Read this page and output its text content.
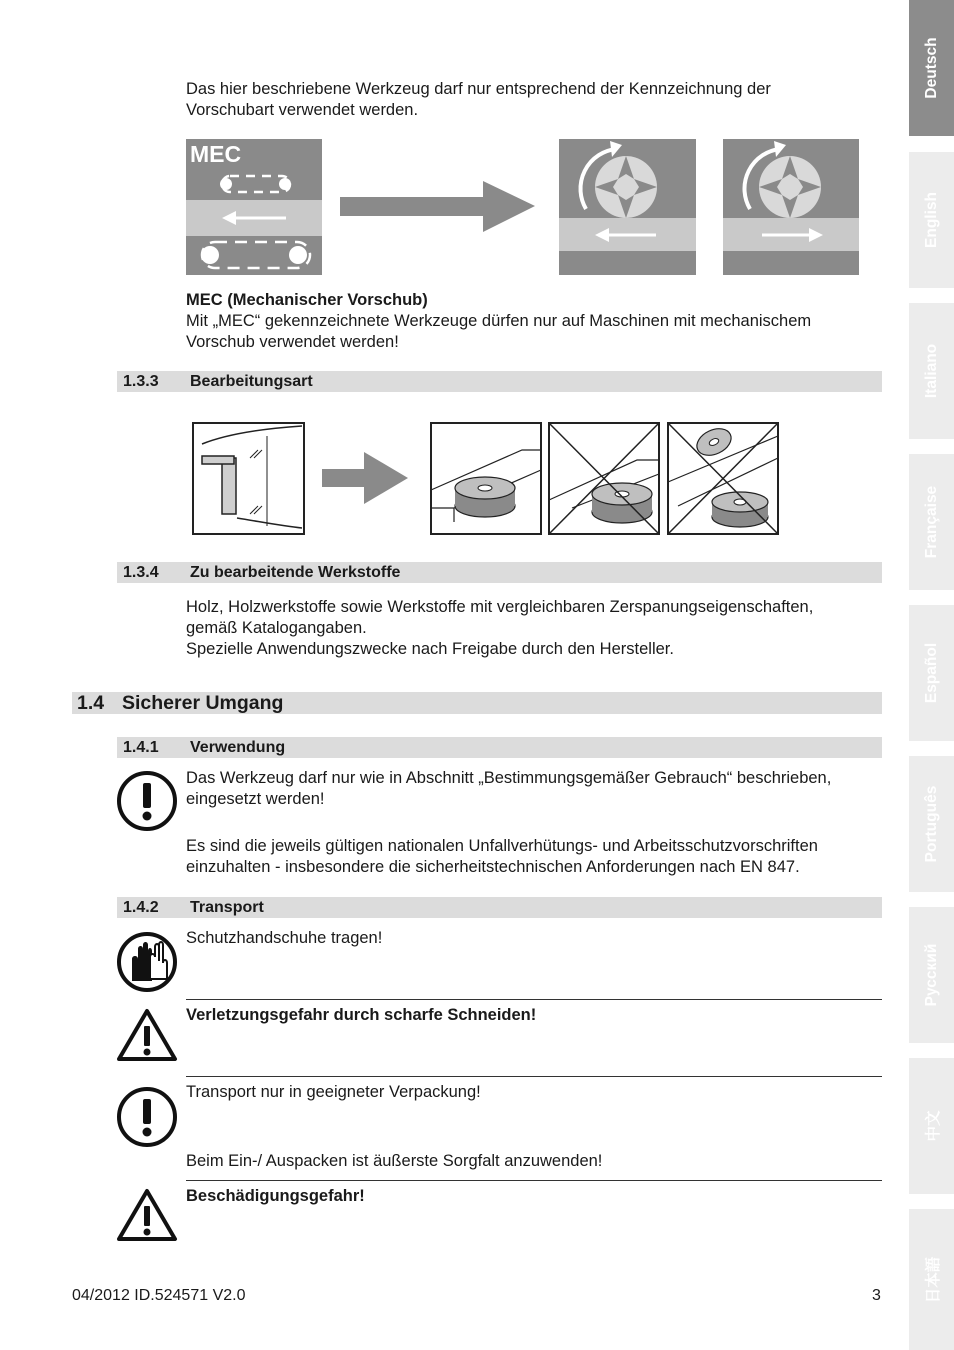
Das hier beschriebene Werkzeug darf nur entsprechend der Kennzeichnung der
Vorschubart verwendet werden.
MEC
MEC (Mechanischer Vorschub)
Mit „MEC“ gekennzeichnete Werkzeuge dürfen nur auf Maschinen mit mechanischem
Vorschub verwendet werden!
1.3.3 Bearbeitungsart
1.3.4 Zu bearbeitende Werkstoffe
Holz, Holzwerkstoffe sowie Werkstoffe mit vergleichbaren Zerspanungseigenschaften,
gemäß Katalogangaben.
Spezielle Anwendungszwecke nach Freigabe durch den Hersteller.
1.4 Sicherer Umgang
1.4.1 Verwendung
Das Werkzeug darf nur wie in Abschnitt „Bestimmungsgemäßer Gebrauch“ beschrieben,
eingesetzt werden!
Es sind die jeweils gültigen nationalen Unfallverhütungs- und Arbeitsschutzvorschriften
einzuhalten - insbesondere die sicherheitstechnischen Anforderungen nach EN 847.
1.4.2 Transport
Schutzhandschuhe tragen!
Verletzungsgefahr durch scharfe Schneiden!
Transport nur in geeigneter Verpackung!
Beim Ein-/ Auspacken ist äußerste Sorgfalt anzuwenden!
Beschädigungsgefahr!
04/2012 ID.524571 V2.0	3
Deutsch
English
Italiano
Française
Español
Português
Русский
中文
日本語
